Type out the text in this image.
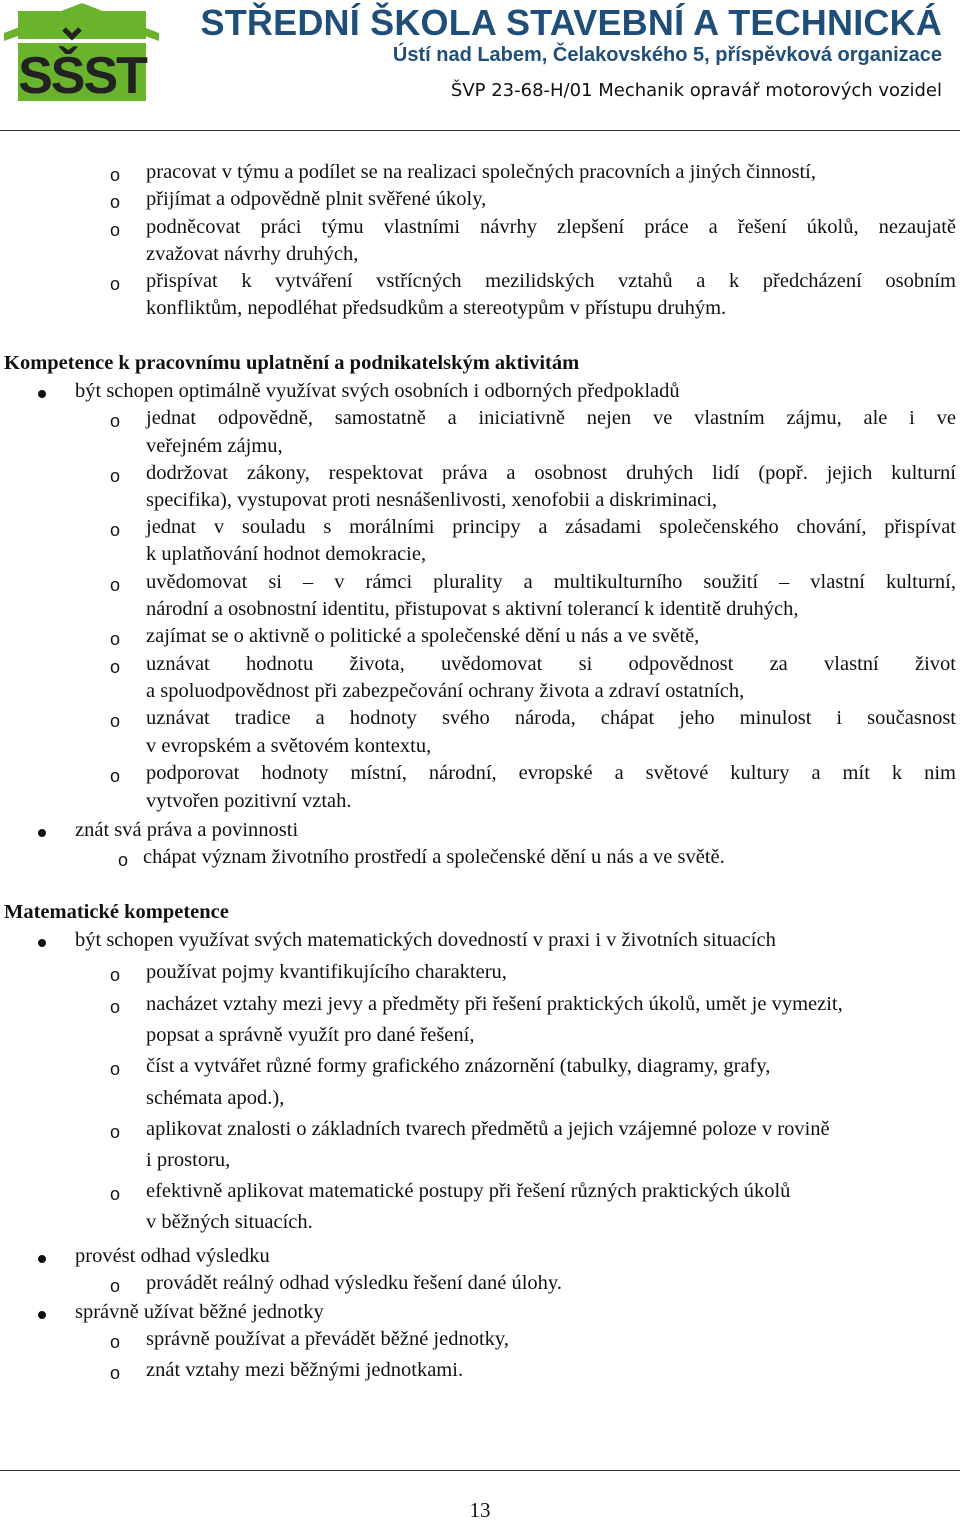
SŠST
STŘEDNÍ ŠKOLA STAVEBNÍ A TECHNICKÁ
Ústí nad Labem, Čelakovského 5, příspěvková organizace
ŠVP 23-68-H/01 Mechanik opravář motorových vozidel
o pracovat v týmu a podílet se na realizaci společných pracovních a jiných činností,
o přijímat a odpovědně plnit svěřené úkoly,
o podněcovat práci týmu vlastními návrhy zlepšení práce a řešení úkolů, nezaujatě
zvažovat návrhy druhých,
o přispívat k vytváření vstřícných mezilidských vztahů a k předcházení osobním
konfliktům, nepodléhat předsudkům a stereotypům v přístupu druhým.
Kompetence k pracovnímu uplatnění a podnikatelským aktivitám
být schopen optimálně využívat svých osobních i odborných předpokladů
o jednat odpovědně, samostatně a iniciativně nejen ve vlastním zájmu, ale i ve
veřejném zájmu,
o dodržovat zákony, respektovat práva a osobnost druhých lidí (popř. jejich kulturní
specifika), vystupovat proti nesnášenlivosti, xenofobii a diskriminaci,
o jednat v souladu s morálními principy a zásadami společenského chování, přispívat
k uplatňování hodnot demokracie,
o uvědomovat si – v rámci plurality a multikulturního soužití – vlastní kulturní,
národní a osobnostní identitu, přistupovat s aktivní tolerancí k identitě druhých,
o zajímat se o aktivně o politické a společenské dění u nás a ve světě,
o uznávat hodnotu života, uvědomovat si odpovědnost za vlastní život
a spoluodpovědnost při zabezpečování ochrany života a zdraví ostatních,
o uznávat tradice a hodnoty svého národa, chápat jeho minulost i současnost
v evropském a světovém kontextu,
o podporovat hodnoty místní, národní, evropské a světové kultury a mít k nim
vytvořen pozitivní vztah.
znát svá práva a povinnosti
o chápat význam životního prostředí a společenské dění u nás a ve světě.
Matematické kompetence
být schopen využívat svých matematických dovedností v praxi i v životních situacích
o používat pojmy kvantifikujícího charakteru,
o nacházet vztahy mezi jevy a předměty při řešení praktických úkolů, umět je vymezit,
popsat a správně využít pro dané řešení,
o číst a vytvářet různé formy grafického znázornění (tabulky, diagramy, grafy,
schémata apod.),
o aplikovat znalosti o základních tvarech předmětů a jejich vzájemné poloze v rovině
i prostoru,
o efektivně aplikovat matematické postupy při řešení různých praktických úkolů
v běžných situacích.
provést odhad výsledku
o provádět reálný odhad výsledku řešení dané úlohy.
správně užívat běžné jednotky
o správně používat a převádět běžné jednotky,
o znát vztahy mezi běžnými jednotkami.
13
